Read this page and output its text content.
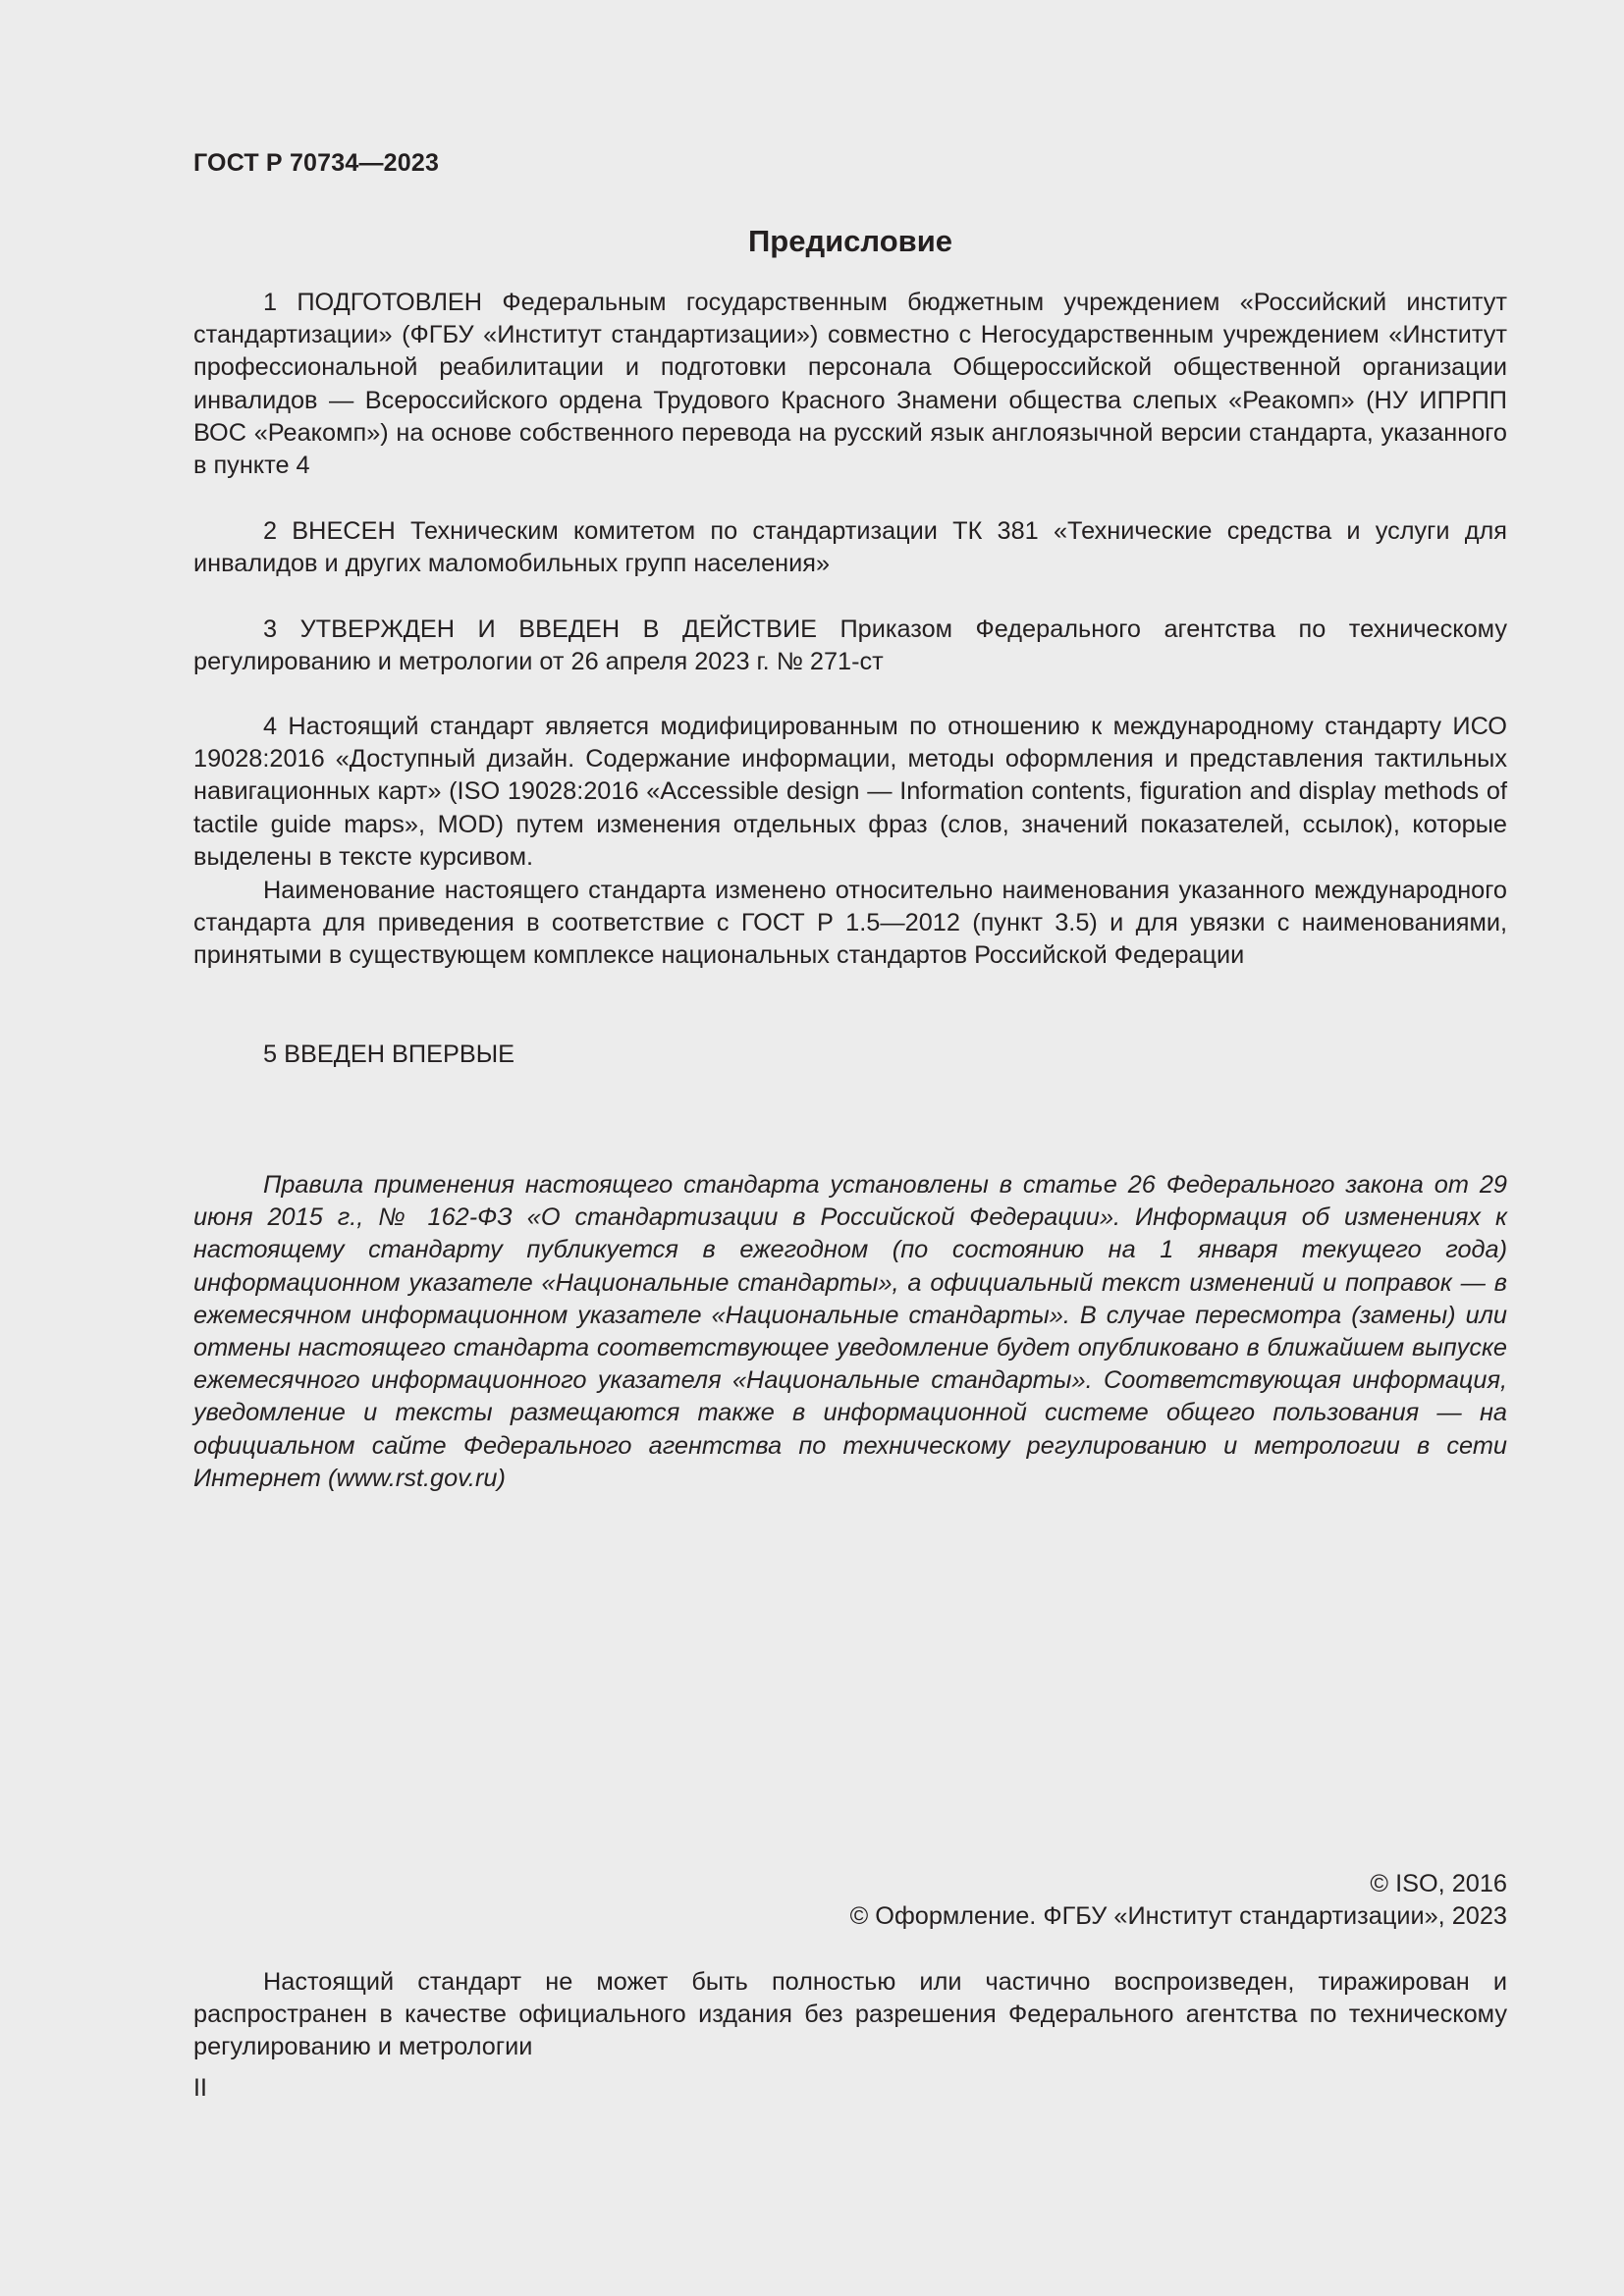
ГОСТ Р 70734—2023
Предисловие

1 ПОДГОТОВЛЕН Федеральным государственным бюджетным учреждением «Российский институт стандартизации» (ФГБУ «Институт стандартизации») совместно с Негосударственным учреждением «Институт профессиональной реабилитации и подготовки персонала Общероссийской общественной организации инвалидов — Всероссийского ордена Трудового Красного Знамени общества слепых «Реакомп» (НУ ИПРПП ВОС «Реакомп») на основе собственного перевода на русский язык англоязычной версии стандарта, указанного в пункте 4

2 ВНЕСЕН Техническим комитетом по стандартизации ТК 381 «Технические средства и услуги для инвалидов и других маломобильных групп населения»

3 УТВЕРЖДЕН И ВВЕДЕН В ДЕЙСТВИЕ Приказом Федерального агентства по техническому регулированию и метрологии от 26 апреля 2023 г. № 271-ст

4 Настоящий стандарт является модифицированным по отношению к международному стандарту ИСО 19028:2016 «Доступный дизайн. Содержание информации, методы оформления и представления тактильных навигационных карт» (ISO 19028:2016 «Accessible design — Information contents, figuration and display methods of tactile guide maps», MOD) путем изменения отдельных фраз (слов, значений показателей, ссылок), которые выделены в тексте курсивом.

Наименование настоящего стандарта изменено относительно наименования указанного международного стандарта для приведения в соответствие с ГОСТ Р 1.5—2012 (пункт 3.5) и для увязки с наименованиями, принятыми в существующем комплексе национальных стандартов Российской Федерации

5 ВВЕДЕН ВПЕРВЫЕ

Правила применения настоящего стандарта установлены в статье 26 Федерального закона от 29 июня 2015 г., № 162-ФЗ «О стандартизации в Российской Федерации». Информация об изменениях к настоящему стандарту публикуется в ежегодном (по состоянию на 1 января текущего года) информационном указателе «Национальные стандарты», а официальный текст изменений и поправок — в ежемесячном информационном указателе «Национальные стандарты». В случае пересмотра (замены) или отмены настоящего стандарта соответствующее уведомление будет опубликовано в ближайшем выпуске ежемесячного информационного указателя «Национальные стандарты». Соответствующая информация, уведомление и тексты размещаются также в информационной системе общего пользования — на официальном сайте Федерального агентства по техническому регулированию и метрологии в сети Интернет (www.rst.gov.ru)

© ISO, 2016
© Оформление. ФГБУ «Институт стандартизации», 2023

Настоящий стандарт не может быть полностью или частично воспроизведен, тиражирован и распространен в качестве официального издания без разрешения Федерального агентства по техническому регулированию и метрологии

II
